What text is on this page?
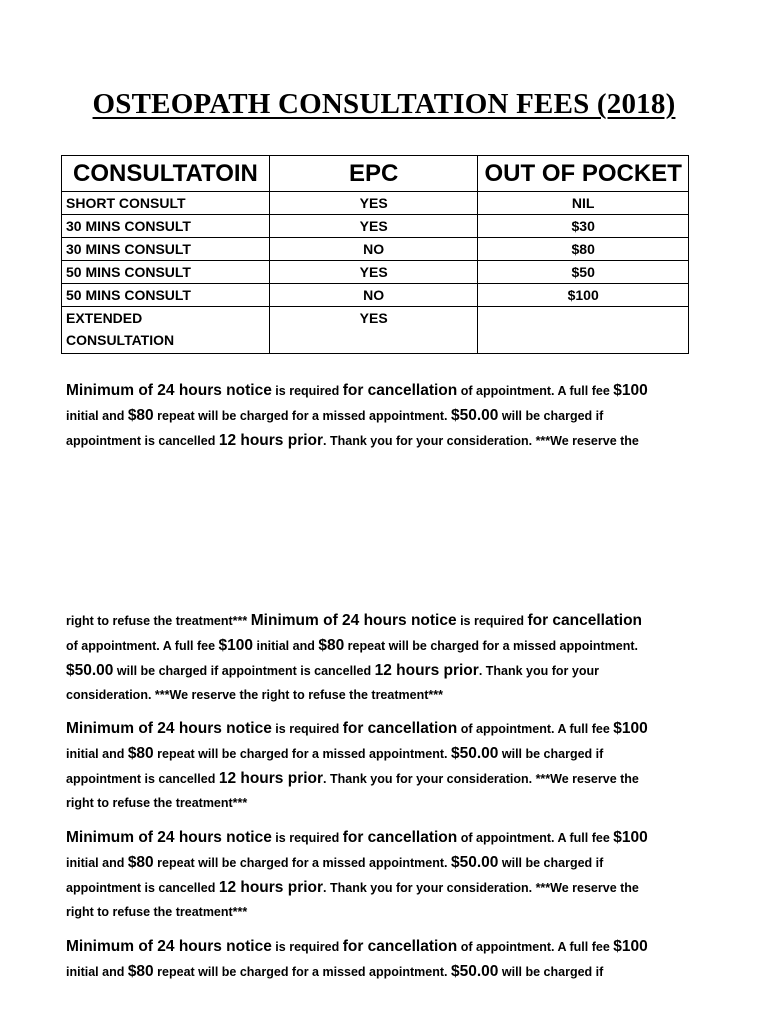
OSTEOPATH CONSULTATION FEES (2018)
CONSULTATOIN	EPC	OUT OF POCKET
SHORT CONSULT	YES	NIL
30 MINS CONSULT	YES	$30
30 MINS CONSULT	NO	$80
50 MINS CONSULT	YES	$50
50 MINS CONSULT	NO	$100
EXTENDED
CONSULTATION	YES	
Minimum of 24 hours notice is required for cancellation of appointment. A full fee $100
initial and $80 repeat will be charged for a missed appointment. $50.00 will be charged if
appointment is cancelled 12 hours prior. Thank you for your consideration. ***We reserve the
right to refuse the treatment*** Minimum of 24 hours notice is required for cancellation
of appointment. A full fee $100 initial and $80 repeat will be charged for a missed appointment.
$50.00 will be charged if appointment is cancelled 12 hours prior. Thank you for your
consideration. ***We reserve the right to refuse the treatment***
Minimum of 24 hours notice is required for cancellation of appointment. A full fee $100
initial and $80 repeat will be charged for a missed appointment. $50.00 will be charged if
appointment is cancelled 12 hours prior. Thank you for your consideration. ***We reserve the
right to refuse the treatment***
Minimum of 24 hours notice is required for cancellation of appointment. A full fee $100
initial and $80 repeat will be charged for a missed appointment. $50.00 will be charged if
appointment is cancelled 12 hours prior. Thank you for your consideration. ***We reserve the
right to refuse the treatment***
Minimum of 24 hours notice is required for cancellation of appointment. A full fee $100
initial and $80 repeat will be charged for a missed appointment. $50.00 will be charged if
